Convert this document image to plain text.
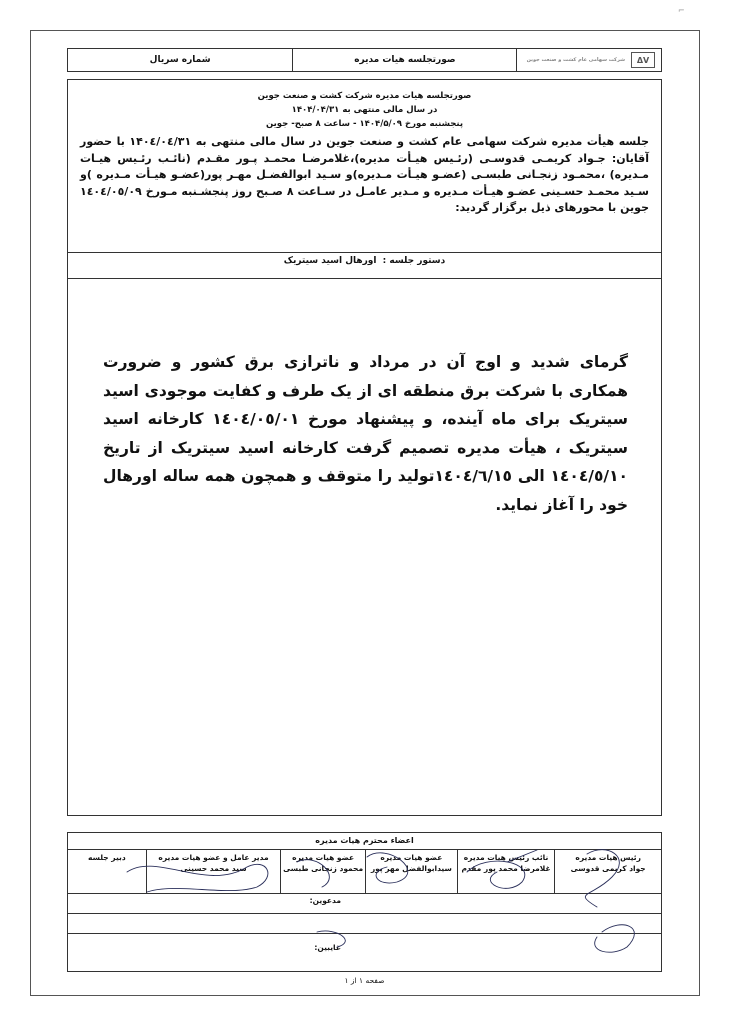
⌐
ΔV
شرکت سهامی عام کشت و صنعت جوین
صورتجلسه هیات مدیره
شماره سریال
صورتجلسه هیات مدیره شرکت کشت و صنعت جوین
در سال مالی منتهی به ۱۴۰۴/۰۴/۳۱
پنجشنبه مورخ ۱۴۰۴/۵/۰۹ - ساعت ۸ صبح- جوین

جلسه هیأت مدیره شرکت سهامی عام کشت و صنعت جوین در سال مالی منتهی به ۱۴۰٤/۰٤/۳۱ با حضور آقایان: جـواد کریمـی قدوسـی (رئـیس هیـأت مدیره)،غلامرضـا محمـد پـور مقـدم (نائـب رئـیس هیـات مـدیره) ،محمـود زنجـانی طبسـی (عضـو هیـأت مـدیره)و سـید ابوالفضـل مهـر پور(عضـو هیـأت مـدیره )و سـید محمـد حسـینی عضـو هیـأت مـدیره و مـدیر عامـل در سـاعت ۸ صـبح روز پنجشـنبه مـورخ ۱٤۰٤/۰٥/۰۹ جوین با محورهای ذیل برگزار گردید:

دستور جلسه : اورهال اسید سیتریک

گرمای شدید و اوج آن در مرداد و ناترازی برق کشور و ضرورت همکاری با شرکت برق منطقه ای از یک طرف و کفایت موجودی اسید سیتریک برای ماه آینده، و پیشنهاد مورخ ۱٤۰٤/۰٥/۰۱ کارخانه اسید سیتریک ، هیأت مدیره تصمیم گرفت کارخانه اسید سیتریک از تاریخ ۱٤۰٤/٥/۱۰ الی ۱٤۰٤/٦/۱٥تولید را متوقف و همچون همه ساله اورهال خود را آغاز نماید.

اعضاء محترم هیات مدیره
رئیس هیات مدیره
جواد کریمی قدوسی
نائب رئیس هیات مدیره
غلامرضا محمد پور مقدم
عضو هیات مدیره
سیدابوالفضل مهر پور
عضو هیات مدیره
محمود زنجانی طبسی
مدیر عامل و عضو هیات مدیره
سید محمد حسینی
دبیر جلسه
مدعوین:
غایبین:
صفحه ۱ از ۱
